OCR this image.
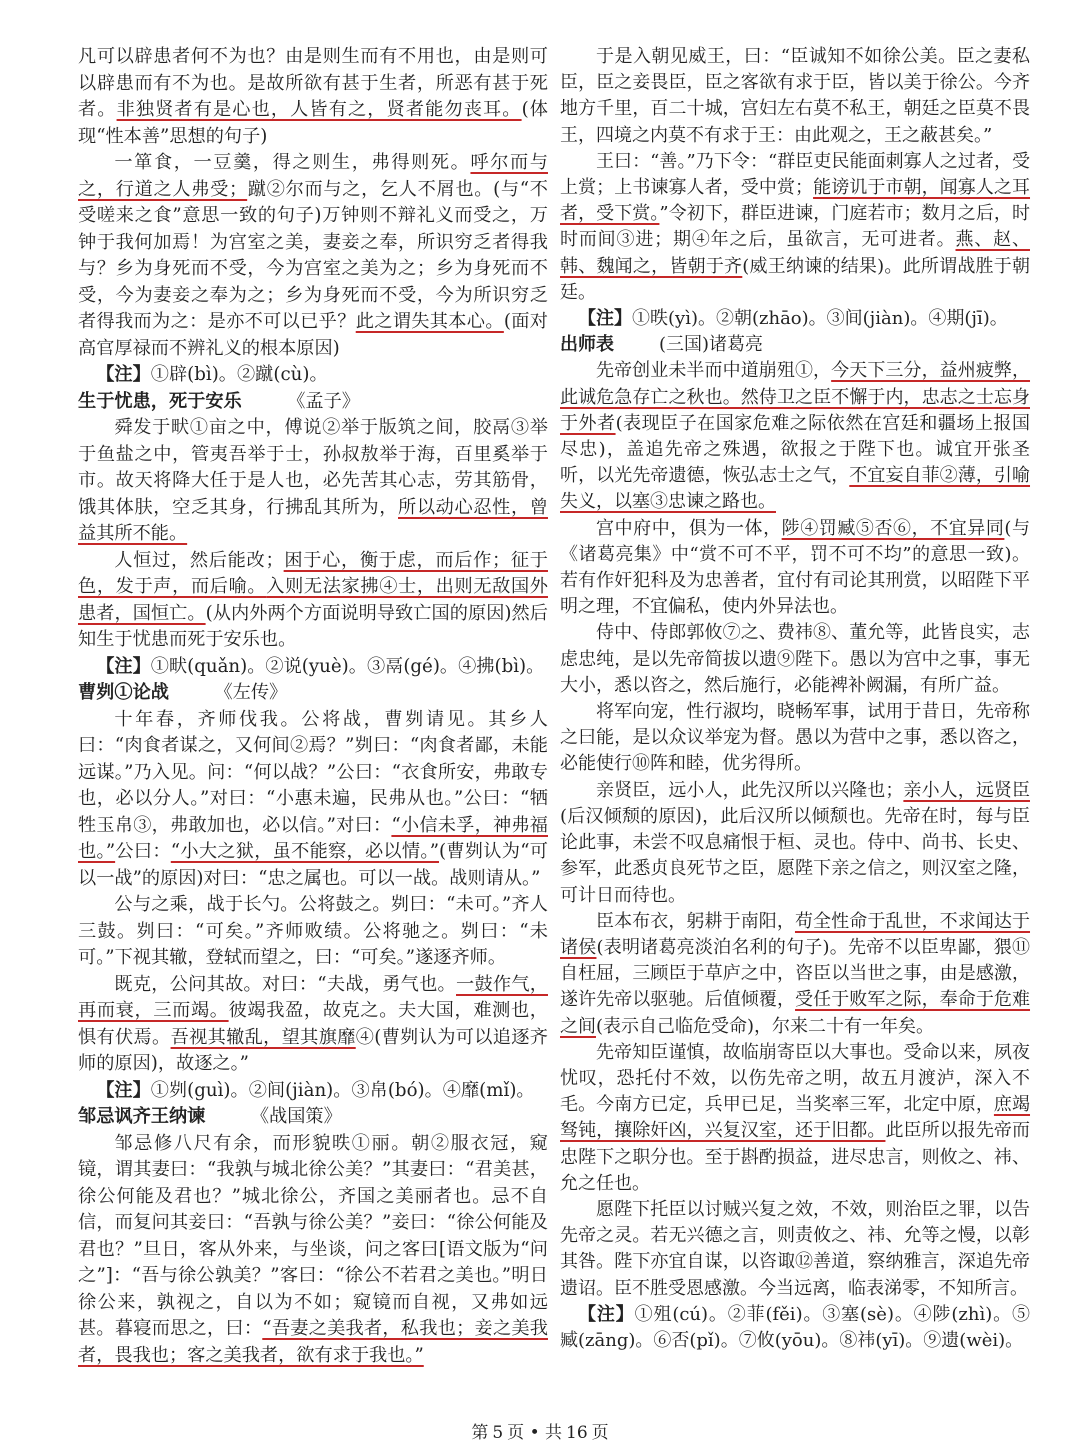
凡可以辟患者何不为也？由是则生而有不用也，由是则可以辟患而有不为也。是故所欲有甚于生者，所恶有甚于死者。非独贤者有是心也，人皆有之，贤者能勿丧耳。(体现“性本善”思想的句子)

一箪食，一豆羹，得之则生，弗得则死。呼尔而与之，行道之人弗受；蹴②尔而与之，乞人不屑也。(与“不受嗟来之食”意思一致的句子)万钟则不辩礼义而受之，万钟于我何加焉！为宫室之美，妻妾之奉，所识穷乏者得我与？乡为身死而不受，今为宫室之美为之；乡为身死而不受，今为妻妾之奉为之；乡为身死而不受，今为所识穷乏者得我而为之：是亦不可以已乎？此之谓失其本心。(面对高官厚禄而不辨礼义的根本原因)

【注】①辟(bì)。②蹴(cù)。

生于忧患，死于安乐	《孟子》

舜发于畎①亩之中，傅说②举于版筑之间，胶鬲③举于鱼盐之中，管夷吾举于士，孙叔敖举于海，百里奚举于市。故天将降大任于是人也，必先苦其心志，劳其筋骨，饿其体肤，空乏其身，行拂乱其所为，所以动心忍性，曾益其所不能。

人恒过，然后能改；困于心，衡于虑，而后作；征于色，发于声，而后喻。入则无法家拂④士，出则无敌国外患者，国恒亡。(从内外两个方面说明导致亡国的原因)然后知生于忧患而死于安乐也。

【注】①畎(quǎn)。②说(yuè)。③鬲(gé)。④拂(bì)。

曹刿①论战	《左传》

十年春，齐师伐我。公将战，曹刿请见。其乡人曰：“肉食者谋之，又何间②焉？”刿曰：“肉食者鄙，未能远谋。”乃入见。问：“何以战？”公曰：“衣食所安，弗敢专也，必以分人。”对曰：“小惠未遍，民弗从也。”公曰：“牺牲玉帛③，弗敢加也，必以信。”对曰：“小信未孚，神弗福也。”公曰：“小大之狱，虽不能察，必以情。”(曹刿认为“可以一战”的原因)对曰：“忠之属也。可以一战。战则请从。”

公与之乘，战于长勺。公将鼓之。刿曰：“未可。”齐人三鼓。刿曰：“可矣。”齐师败绩。公将驰之。刿曰：“未可。”下视其辙，登轼而望之，曰：“可矣。”遂逐齐师。

既克，公问其故。对曰：“夫战，勇气也。一鼓作气，再而衰，三而竭。彼竭我盈，故克之。夫大国，难测也，惧有伏焉。吾视其辙乱，望其旗靡④(曹刿认为可以追逐齐师的原因)，故逐之。”

【注】①刿(guì)。②间(jiàn)。③帛(bó)。④靡(mǐ)。

邹忌讽齐王纳谏	《战国策》

邹忌修八尺有余，而形貌昳①丽。朝②服衣冠，窥镜，谓其妻曰：“我孰与城北徐公美？”其妻曰：“君美甚，徐公何能及君也？”城北徐公，齐国之美丽者也。忌不自信，而复问其妾曰：“吾孰与徐公美？”妾曰：“徐公何能及君也？”旦日，客从外来，与坐谈，问之客曰[语文版为“问之”]：“吾与徐公孰美？”客曰：“徐公不若君之美也。”明日徐公来，孰视之，自以为不如；窥镜而自视，又弗如远甚。暮寝而思之，曰：“吾妻之美我者，私我也；妾之美我者，畏我也；客之美我者，欲有求于我也。”

于是入朝见威王，曰：“臣诚知不如徐公美。臣之妻私臣，臣之妾畏臣，臣之客欲有求于臣，皆以美于徐公。今齐地方千里，百二十城，宫妇左右莫不私王，朝廷之臣莫不畏王，四境之内莫不有求于王：由此观之，王之蔽甚矣。”

王曰：“善。”乃下令：“群臣吏民能面刺寡人之过者，受上赏；上书谏寡人者，受中赏；能谤讥于市朝，闻寡人之耳者，受下赏。”令初下，群臣进谏，门庭若市；数月之后，时时而间③进；期④年之后，虽欲言，无可进者。燕、赵、韩、魏闻之，皆朝于齐(威王纳谏的结果)。此所谓战胜于朝廷。

【注】①昳(yì)。②朝(zhāo)。③间(jiàn)。④期(jī)。

出师表	(三国)诸葛亮

先帝创业未半而中道崩殂①，今天下三分，益州疲弊，此诚危急存亡之秋也。然侍卫之臣不懈于内，忠志之士忘身于外者(表现臣子在国家危难之际依然在宫廷和疆场上报国尽忠)，盖追先帝之殊遇，欲报之于陛下也。诚宜开张圣听，以光先帝遗德，恢弘志士之气，不宜妄自菲②薄，引喻失义，以塞③忠谏之路也。

宫中府中，俱为一体，陟④罚臧⑤否⑥，不宜异同(与《诸葛亮集》中“赏不可不平，罚不可不均”的意思一致)。若有作奸犯科及为忠善者，宜付有司论其刑赏，以昭陛下平明之理，不宜偏私，使内外异法也。

侍中、侍郎郭攸⑦之、费祎⑧、董允等，此皆良实，志虑忠纯，是以先帝简拔以遗⑨陛下。愚以为宫中之事，事无大小，悉以咨之，然后施行，必能裨补阙漏，有所广益。

将军向宠，性行淑均，晓畅军事，试用于昔日，先帝称之曰能，是以众议举宠为督。愚以为营中之事，悉以咨之，必能使行⑩阵和睦，优劣得所。

亲贤臣，远小人，此先汉所以兴隆也；亲小人，远贤臣(后汉倾颓的原因)，此后汉所以倾颓也。先帝在时，每与臣论此事，未尝不叹息痛恨于桓、灵也。侍中、尚书、长史、参军，此悉贞良死节之臣，愿陛下亲之信之，则汉室之隆，可计日而待也。

臣本布衣，躬耕于南阳，苟全性命于乱世，不求闻达于诸侯(表明诸葛亮淡泊名利的句子)。先帝不以臣卑鄙，猥⑪自枉屈，三顾臣于草庐之中，咨臣以当世之事，由是感激，遂许先帝以驱驰。后值倾覆，受任于败军之际，奉命于危难之间(表示自己临危受命)，尔来二十有一年矣。

先帝知臣谨慎，故临崩寄臣以大事也。受命以来，夙夜忧叹，恐托付不效，以伤先帝之明，故五月渡泸，深入不毛。今南方已定，兵甲已足，当奖率三军，北定中原，庶竭驽钝，攘除奸凶，兴复汉室，还于旧都。此臣所以报先帝而忠陛下之职分也。至于斟酌损益，进尽忠言，则攸之、祎、允之任也。

愿陛下托臣以讨贼兴复之效，不效，则治臣之罪，以告先帝之灵。若无兴德之言，则责攸之、祎、允等之慢，以彰其咎。陛下亦宜自谋，以咨诹⑫善道，察纳雅言，深追先帝遗诏。臣不胜受恩感激。今当远离，临表涕零，不知所言。

【注】①殂(cú)。②菲(fěi)。③塞(sè)。④陟(zhì)。⑤臧(zāng)。⑥否(pǐ)。⑦攸(yōu)。⑧祎(yī)。⑨遗(wèi)。

第 5 页 • 共 16 页
